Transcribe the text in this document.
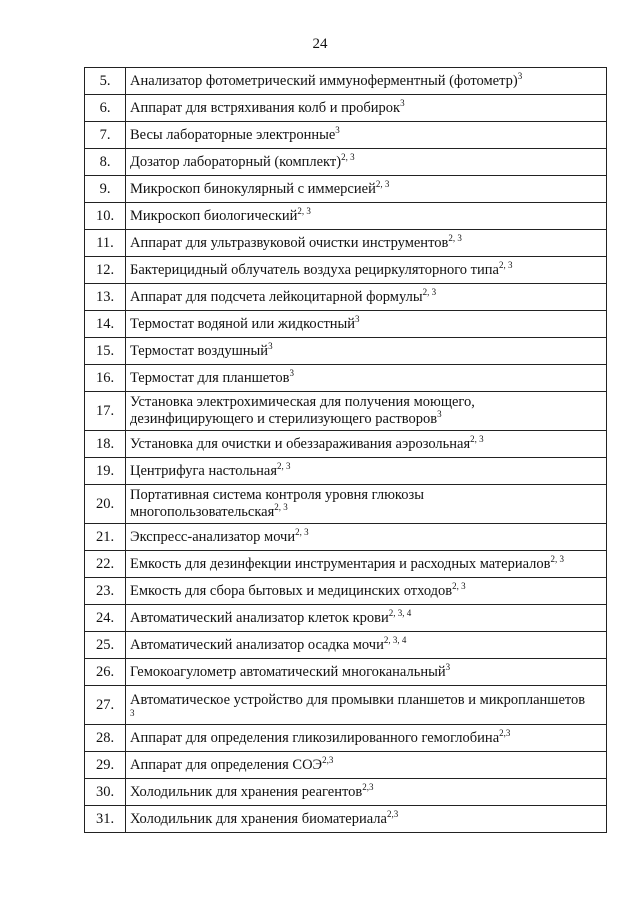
24
5.	Анализатор фотометрический иммуноферментный (фотометр)$^3$
6.	Аппарат для встряхивания колб и пробирок$^3$
7.	Весы лабораторные электронные$^3$
8.	Дозатор лабораторный (комплект)$^{2, 3}$
9.	Микроскоп бинокулярный с иммерсией$^{2, 3}$
10.	Микроскоп биологический$^{2, 3}$
11.	Аппарат для ультразвуковой очистки инструментов$^{2, 3}$
12.	Бактерицидный облучатель воздуха рециркуляторного типа$^{2, 3}$
13.	Аппарат для подсчета лейкоцитарной формулы$^{2, 3}$
14.	Термостат водяной или жидкостный$^3$
15.	Термостат воздушный$^3$
16.	Термостат для планшетов$^3$
17.	Установка электрохимическая для получения моющего,
дезинфицирующего и стерилизующего растворов$^3$
18.	Установка для очистки и обеззараживания аэрозольная$^{2, 3}$
19.	Центрифуга настольная$^{2, 3}$
20.	Портативная система контроля уровня глюкозы
многопользовательская$^{2, 3}$
21.	Экспресс-анализатор мочи$^{2, 3}$
22.	Емкость для дезинфекции инструментария и расходных материалов$^{2, 3}$
23.	Емкость для сбора бытовых и медицинских отходов$^{2, 3}$
24.	Автоматический анализатор клеток крови$^{2, 3, 4}$
25.	Автоматический анализатор осадка мочи$^{2, 3, 4}$
26.	Гемокоагулометр автоматический многоканальный$^3$
27.	Автоматическое устройство для промывки планшетов и микропланшетов
3

28.	Аппарат для определения гликозилированного гемоглобина$^{2,3}$
29.	Аппарат для определения СОЭ$^{2,3}$
30.	Холодильник для хранения реагентов$^{2,3}$
31.	Холодильник для хранения биоматериала$^{2,3}$
